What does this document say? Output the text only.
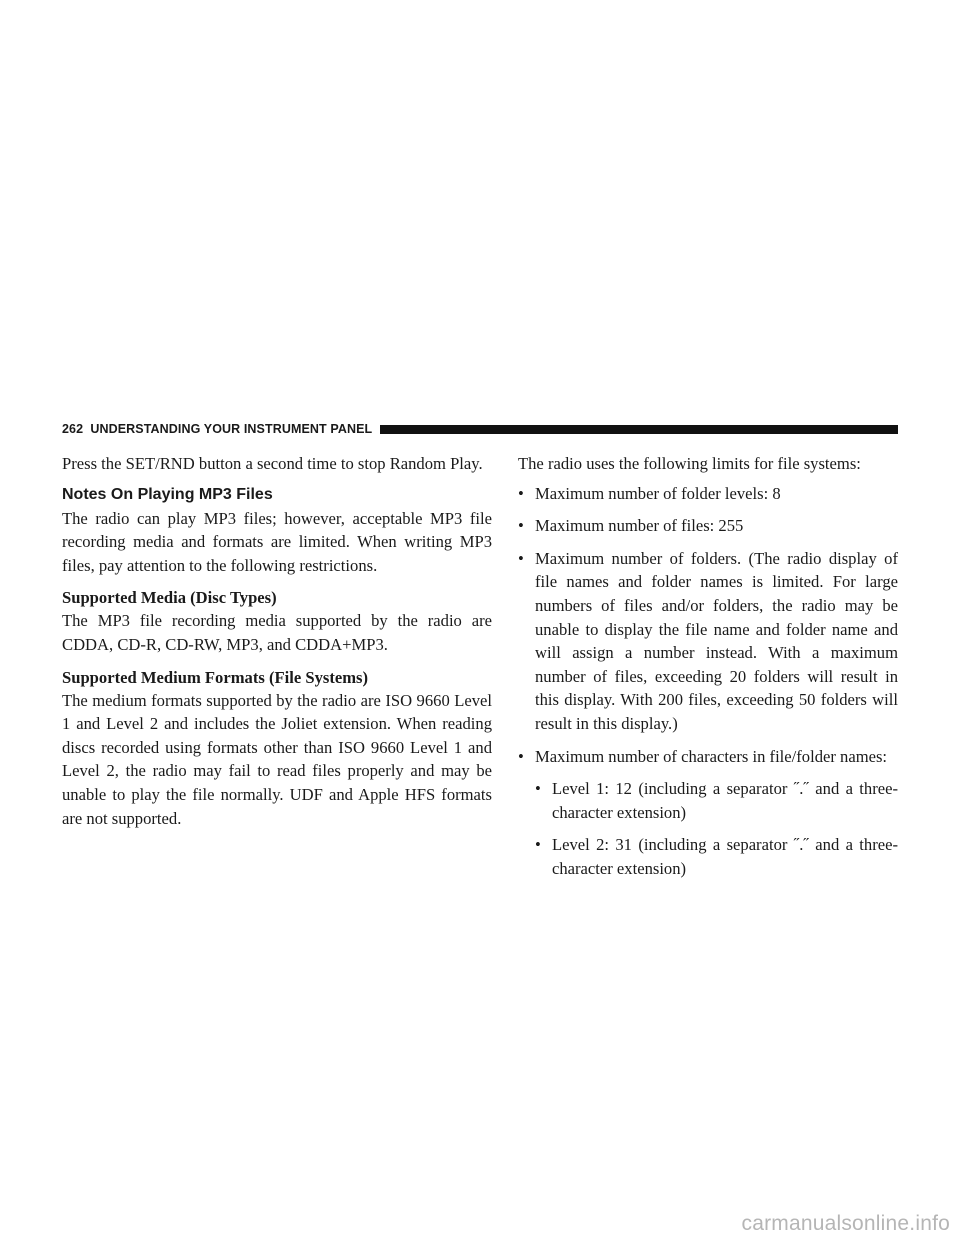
262 UNDERSTANDING YOUR INSTRUMENT PANEL

Press the SET/RND button a second time to stop Random Play.

Notes On Playing MP3 Files

The radio can play MP3 files; however, acceptable MP3 file recording media and formats are limited. When writing MP3 files, pay attention to the following restrictions.

Supported Media (Disc Types)

The MP3 file recording media supported by the radio are CDDA, CD-R, CD-RW, MP3, and CDDA+MP3.

Supported Medium Formats (File Systems)

The medium formats supported by the radio are ISO 9660 Level 1 and Level 2 and includes the Joliet extension. When reading discs recorded using formats other than ISO 9660 Level 1 and Level 2, the radio may fail to read files properly and may be unable to play the file normally. UDF and Apple HFS formats are not supported.

The radio uses the following limits for file systems:

• Maximum number of folder levels: 8
• Maximum number of files: 255
• Maximum number of folders. (The radio display of file names and folder names is limited. For large numbers of files and/or folders, the radio may be unable to display the file name and folder name and will assign a number instead. With a maximum number of files, exceeding 20 folders will result in this display. With 200 files, exceeding 50 folders will result in this display.)
• Maximum number of characters in file/folder names:
• Level 1: 12 (including a separator ˝.˝ and a three-character extension)
• Level 2: 31 (including a separator ˝.˝ and a three-character extension)
carmanualsonline.info
